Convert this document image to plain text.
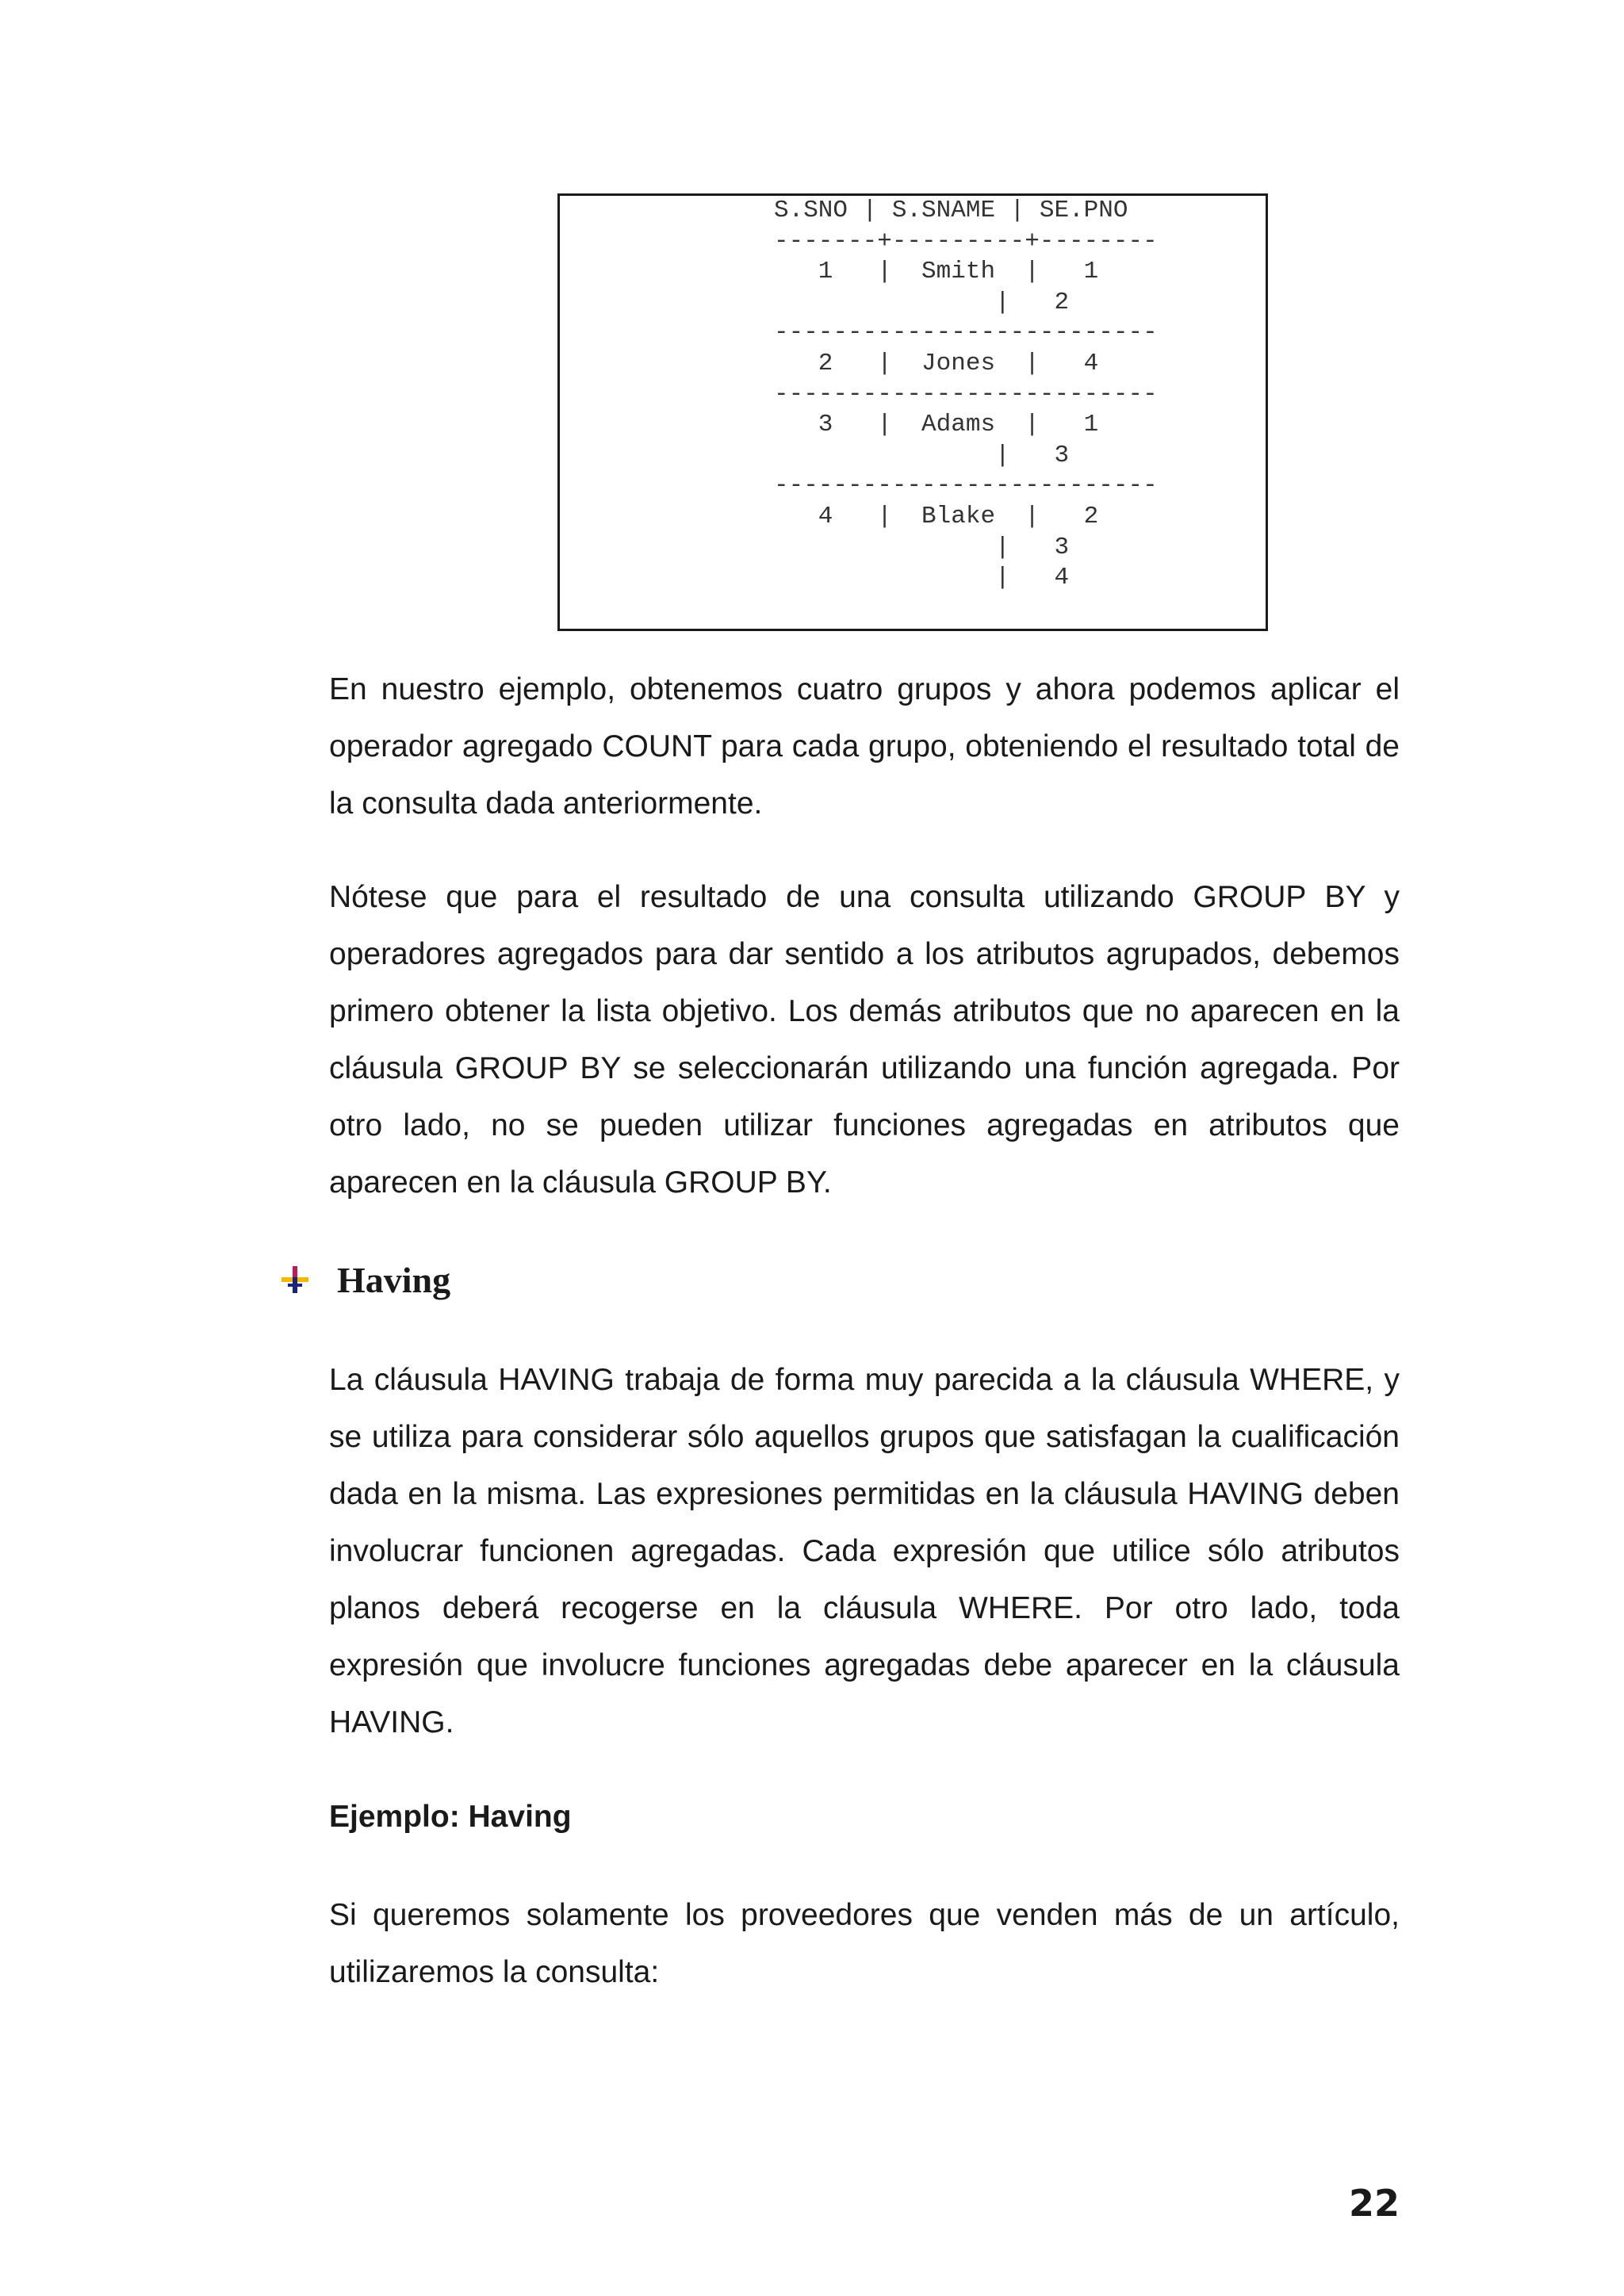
S.SNO | S.SNAME | SE.PNO
-------+---------+--------
1   |  Smith  |   1
|   2
--------------------------
2   |  Jones  |   4
--------------------------
3   |  Adams  |   1
|   3
--------------------------
4   |  Blake  |   2
|   3
|   4

En nuestro ejemplo, obtenemos cuatro grupos y ahora podemos aplicar el operador agregado COUNT para cada grupo, obteniendo el resultado total de la consulta dada anteriormente.

Nótese que para el resultado de una consulta utilizando GROUP BY y operadores agregados para dar sentido a los atributos agrupados, debemos primero obtener la lista objetivo. Los demás atributos que no aparecen en la cláusula GROUP BY se seleccionarán utilizando una función agregada. Por otro lado, no se pueden utilizar funciones agregadas en atributos que aparecen en la cláusula GROUP BY.

Having

La cláusula HAVING trabaja de forma muy parecida a la cláusula WHERE, y se utiliza para considerar sólo aquellos grupos que satisfagan la cualificación dada en la misma. Las expresiones permitidas en la cláusula HAVING deben involucrar funcionen agregadas. Cada expresión que utilice sólo atributos planos deberá recogerse en la cláusula WHERE. Por otro lado, toda expresión que involucre funciones agregadas debe aparecer en la cláusula HAVING.

Ejemplo: Having

Si queremos solamente los proveedores que venden más de un artículo, utilizaremos la consulta:

22
